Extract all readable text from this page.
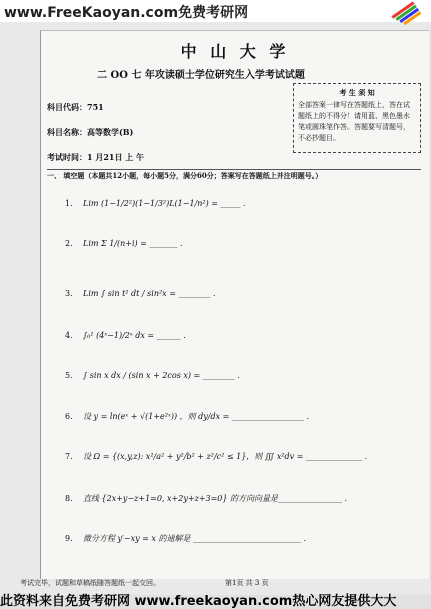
www.FreeKaoyan.com免费考研网
中 山 大 学
二 OO 七 年攻读硕士学位研究生入学考试试题
科目代码：751
科目名称：高等数学(B)
考试时间：1 月21日 上 午
考 生 须 知
全部答案一律写在答题纸上，答在试题纸上的不得分！请用蓝、黑色墨水笔或圆珠笔作答。答题要写清题号，不必抄题目。
一、 填空题（本题共12小题，每小题5分，满分60分；答案写在答题纸上并注明题号。）
1. Lim (1−1/2²)(1−1/3²)L(1−1/n²) = _____ .
2. Lim Σ 1/(n+i) = _______ .
3. Lim ∫ sin t² dt / sin²x = ________ .
4. ∫₀¹ (4ˣ−1)/2ˣ dx = ______ .
5. ∫ sin x dx / (sin x + 2cos x) = ________ .
6. 设 y = ln(eˣ + √(1+e²ˣ)) ，则 dy/dx = __________________ .
7. 设 Ω = {(x,y,z): x²/a² + y²/b² + z²/c² ≤ 1}，则 ∭ x²dv = ______________ .
8. 直线 {2x+y−z+1=0, x+2y+z+3=0} 的方向向量是________________ .
9. 微分方程 y′−xy = x 的通解是 ___________________________ .
考试完毕，试题和草稿纸随答题纸一起交回。	第1页 共 3 页
此资料来自免费考研网 www.freekaoyan.com热心网友提供大大
